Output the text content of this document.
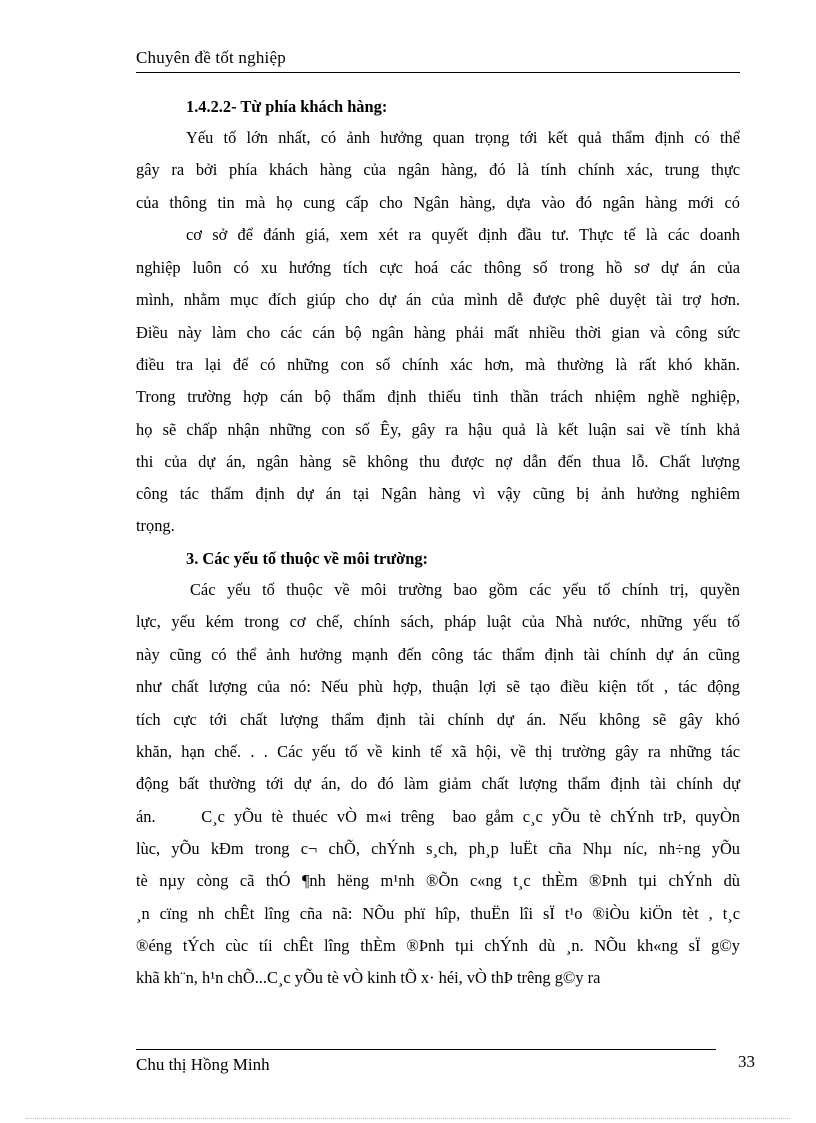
Chuyên đề tốt nghiệp
1.4.2.2- Từ phía khách hàng:
Yếu tố lớn nhất, có ảnh hưởng quan trọng tới kết quả thẩm định có thể
gây ra bởi phía khách hàng của ngân hàng, đó là tính chính xác, trung thực
của thông tin mà họ cung cấp cho Ngân hàng, dựa vào đó ngân hàng mới có
cơ sở để đánh giá, xem xét ra quyết định đầu tư. Thực tế là các doanh
nghiệp luôn có xu hướng tích cực hoá các thông số trong hồ sơ dự án của
mình, nhằm mục đích giúp cho dự án của mình dễ được phê duyệt tài trợ hơn.
Điều này làm cho các cán bộ ngân hàng phải mất nhiều thời gian và công sức
điều tra lại để có những con số chính xác hơn, mà thường là rất khó khăn.
Trong trường hợp cán bộ thẩm định thiếu tinh thần trách nhiệm nghề nghiệp,
họ sẽ chấp nhận những con số Êy, gây ra hậu quả là kết luận sai về tính khả
thi của dự án, ngân hàng sẽ không thu được nợ dẫn đến thua lỗ. Chất lượng
công tác thẩm định dự án tại Ngân hàng vì vậy cũng bị ảnh hưởng nghiêm
trọng.
3. Các yếu tố thuộc về môi trường:
Các yếu tố thuộc về môi trường bao gồm các yếu tố chính trị, quyền
lực, yếu kém trong cơ chế, chính sách, pháp luật của Nhà nước, những yếu tố
này cũng có thể ảnh hưởng mạnh đến công tác thẩm định tài chính dự án cũng
như chất lượng của nó: Nếu phù hợp, thuận lợi sẽ tạo điều kiện tốt , tác động
tích cực tới chất lượng thẩm định tài chính dự án. Nếu không sẽ gây khó
khăn, hạn chế. . . Các yếu tố về kinh tế xã hội, về thị trường gây ra những tác
động bất thường tới dự án, do đó làm giảm chất lượng thẩm định tài chính dự
án.     C¸c yÕu tè thuéc vÒ m«i trêng  bao gåm c¸c yÕu tè chÝnh trÞ, quyÒn
lùc, yÕu kÐm trong c¬ chÕ, chÝnh s¸ch, ph¸p luËt cña Nhµ níc, nh÷ng yÕu
tè nµy còng cã thÓ ¶nh hëng m¹nh ®Õn c«ng t¸c thÈm ®Þnh tµi chÝnh dù
¸n cïng nh chÊt lîng cña nã: NÕu phï hîp, thuËn lîi sÏ t¹o ®iÒu kiÖn tèt , t¸c
®éng tÝch cùc tíi chÊt lîng thÈm ®Þnh tµi chÝnh dù ¸n. NÕu kh«ng sÏ g©y
khã kh¨n, h¹n chÕ...C¸c yÕu tè vÒ kinh tÕ x· héi, vÒ thÞ trêng g©y ra
Chu thị Hồng Minh	33
